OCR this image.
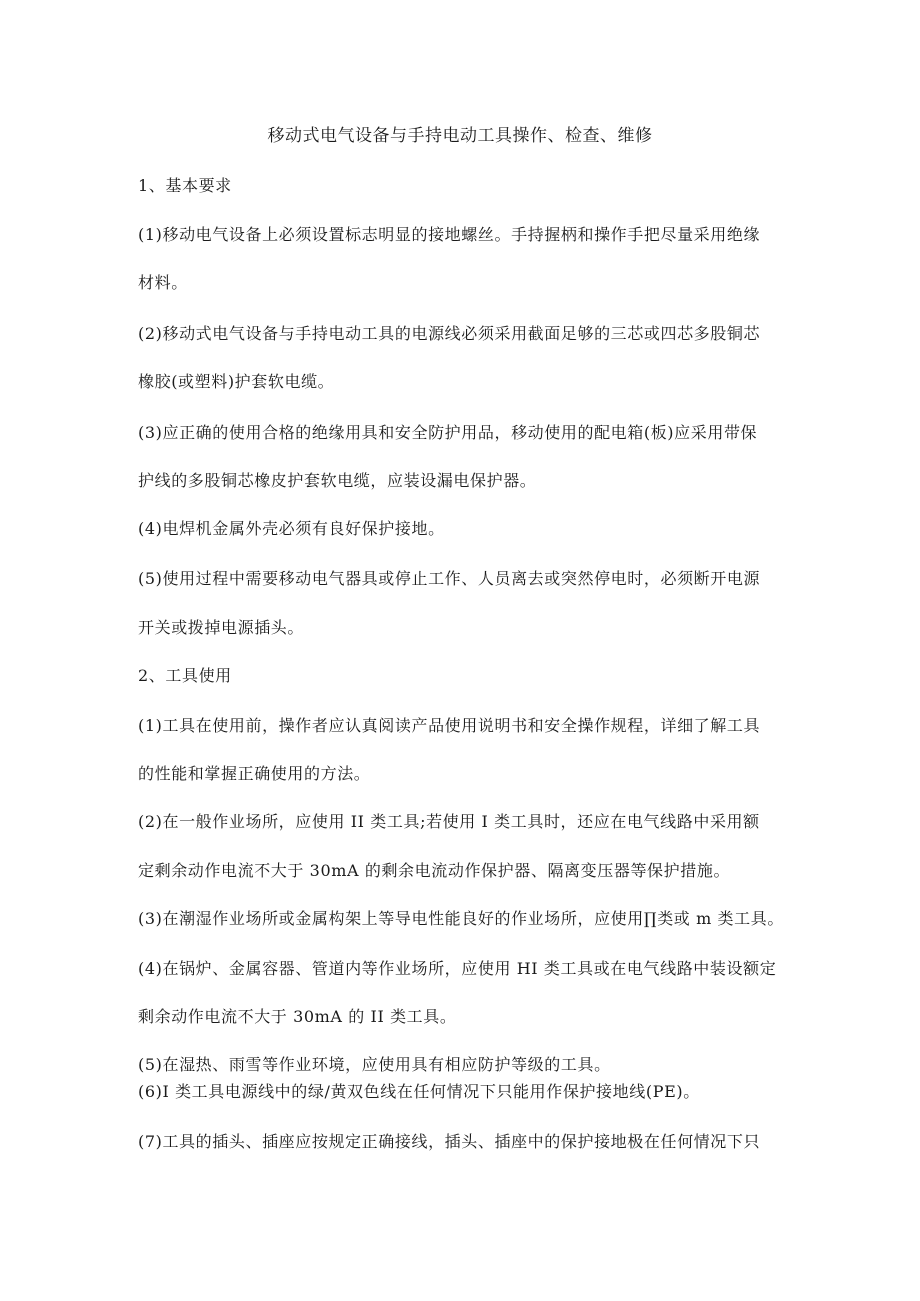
移动式电气设备与手持电动工具操作、检查、维修
1、基本要求
(1)移动电气设备上必须设置标志明显的接地螺丝。手持握柄和操作手把尽量采用绝缘
材料。
(2)移动式电气设备与手持电动工具的电源线必须采用截面足够的三芯或四芯多股铜芯
橡胶(或塑料)护套软电缆。
(3)应正确的使用合格的绝缘用具和安全防护用品，移动使用的配电箱(板)应采用带保
护线的多股铜芯橡皮护套软电缆，应装设漏电保护器。
(4)电焊机金属外壳必须有良好保护接地。
(5)使用过程中需要移动电气器具或停止工作、人员离去或突然停电时，必须断开电源
开关或拨掉电源插头。
2、工具使用
(1)工具在使用前，操作者应认真阅读产品使用说明书和安全操作规程，详细了解工具
的性能和掌握正确使用的方法。
(2)在一般作业场所，应使用 II 类工具;若使用 I 类工具时，还应在电气线路中采用额
定剩余动作电流不大于 30mA 的剩余电流动作保护器、隔离变压器等保护措施。
(3)在潮湿作业场所或金属构架上等导电性能良好的作业场所，应使用∏类或 m 类工具。
(4)在锅炉、金属容器、管道内等作业场所，应使用 HI 类工具或在电气线路中装设额定
剩余动作电流不大于 30mA 的 II 类工具。
(5)在湿热、雨雪等作业环境，应使用具有相应防护等级的工具。
(6)I 类工具电源线中的绿/黄双色线在任何情况下只能用作保护接地线(PE)。
(7)工具的插头、插座应按规定正确接线，插头、插座中的保护接地极在任何情况下只
